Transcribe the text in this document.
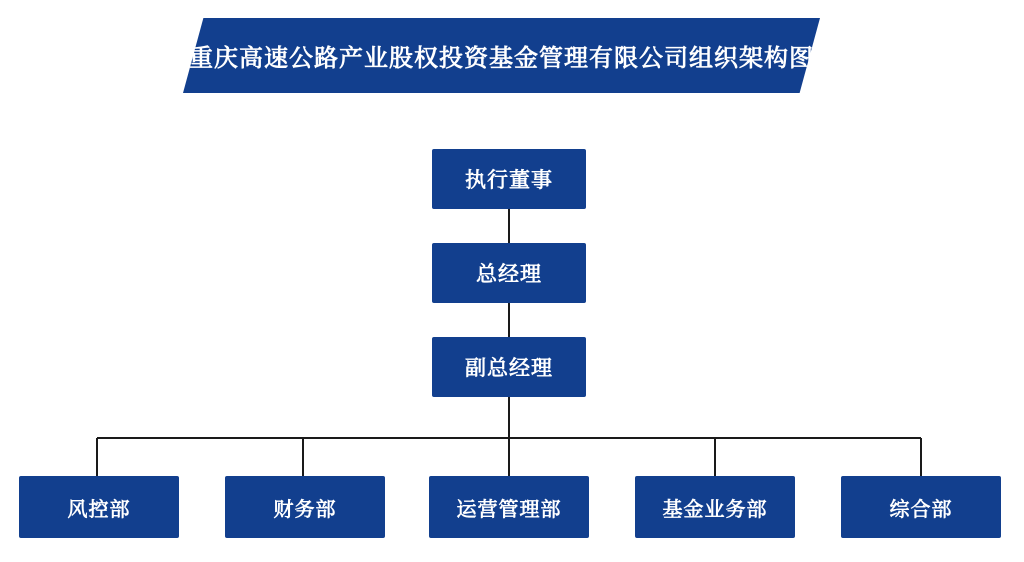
重庆高速公路产业股权投资基金管理有限公司组织架构图
执行董事
总经理
副总经理
风控部	财务部	运营管理部	基金业务部	综合部
